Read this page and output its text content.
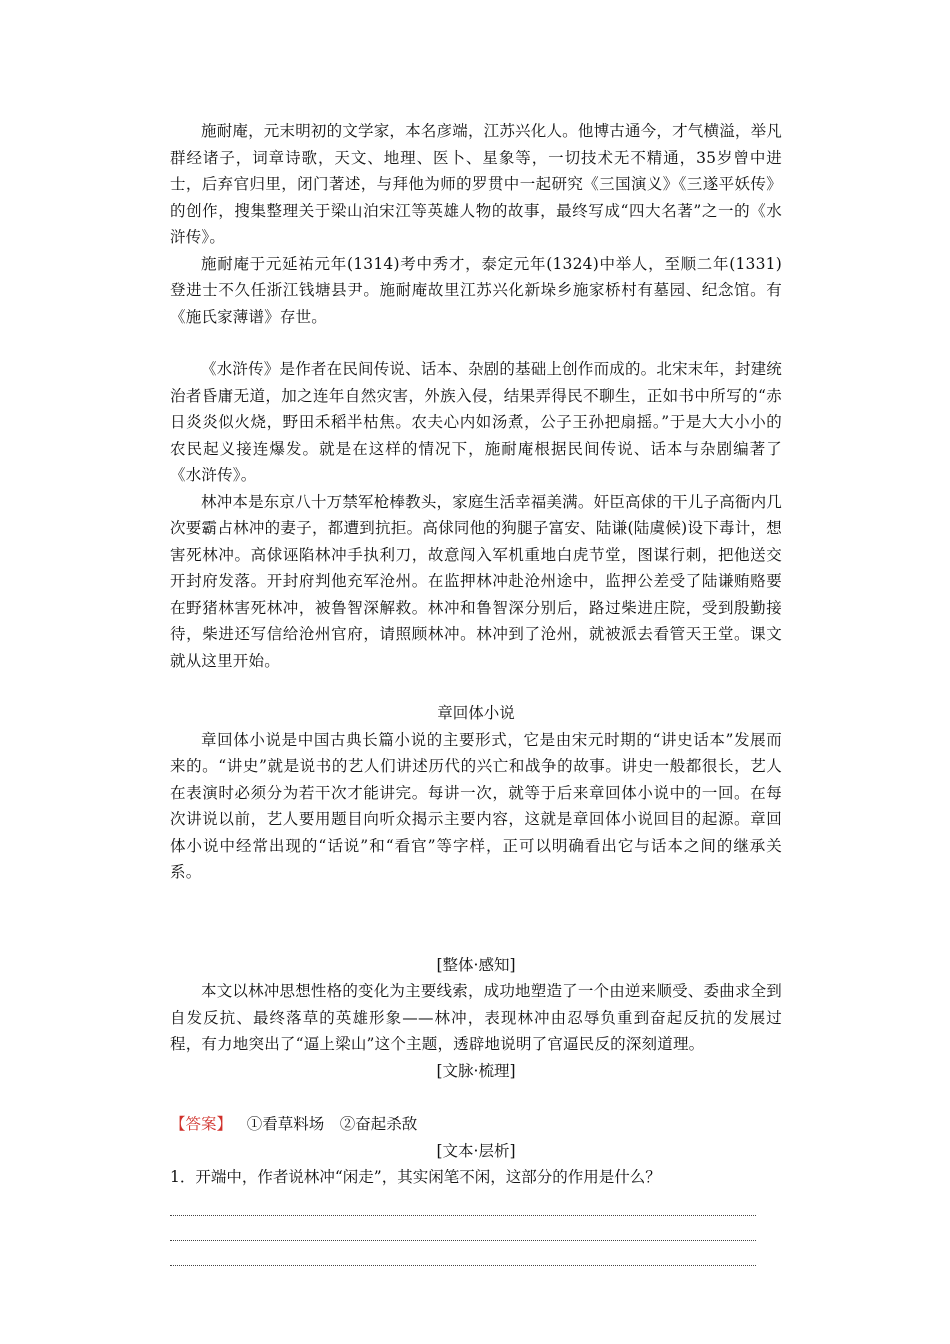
施耐庵，元末明初的文学家，本名彦端，江苏兴化人。他博古通今，才气横溢，举凡群经诸子，词章诗歌，天文、地理、医卜、星象等，一切技术无不精通，35岁曾中进士，后弃官归里，闭门著述，与拜他为师的罗贯中一起研究《三国演义》《三遂平妖传》的创作，搜集整理关于梁山泊宋江等英雄人物的故事，最终写成“四大名著”之一的《水浒传》。

施耐庵于元延祐元年(1314)考中秀才，泰定元年(1324)中举人，至顺二年(1331)登进士不久任浙江钱塘县尹。施耐庵故里江苏兴化新垛乡施家桥村有墓园、纪念馆。有《施氏家薄谱》存世。

《水浒传》是作者在民间传说、话本、杂剧的基础上创作而成的。北宋末年，封建统治者昏庸无道，加之连年自然灾害，外族入侵，结果弄得民不聊生，正如书中所写的“赤日炎炎似火烧，野田禾稻半枯焦。农夫心内如汤煮，公子王孙把扇摇。”于是大大小小的农民起义接连爆发。就是在这样的情况下，施耐庵根据民间传说、话本与杂剧编著了《水浒传》。

林冲本是东京八十万禁军枪棒教头，家庭生活幸福美满。奸臣高俅的干儿子高衙内几次要霸占林冲的妻子，都遭到抗拒。高俅同他的狗腿子富安、陆谦(陆虞候)设下毒计，想害死林冲。高俅诬陷林冲手执利刀，故意闯入军机重地白虎节堂，图谋行刺，把他送交开封府发落。开封府判他充军沧州。在监押林冲赴沧州途中，监押公差受了陆谦贿赂要在野猪林害死林冲，被鲁智深解救。林冲和鲁智深分别后，路过柴进庄院，受到殷勤接待，柴进还写信给沧州官府，请照顾林冲。林冲到了沧州，就被派去看管天王堂。课文就从这里开始。

章回体小说

章回体小说是中国古典长篇小说的主要形式，它是由宋元时期的“讲史话本”发展而来的。“讲史”就是说书的艺人们讲述历代的兴亡和战争的故事。讲史一般都很长，艺人在表演时必须分为若干次才能讲完。每讲一次，就等于后来章回体小说中的一回。在每次讲说以前，艺人要用题目向听众揭示主要内容，这就是章回体小说回目的起源。章回体小说中经常出现的“话说”和“看官”等字样，正可以明确看出它与话本之间的继承关系。

[整体·感知]

本文以林冲思想性格的变化为主要线索，成功地塑造了一个由逆来顺受、委曲求全到自发反抗、最终落草的英雄形象——林冲，表现林冲由忍辱负重到奋起反抗的发展过程，有力地突出了“逼上梁山”这个主题，透辟地说明了官逼民反的深刻道理。

[文脉·梳理]

【答案】 ①看草料场　②奋起杀敌

[文本·层析]

1．开端中，作者说林冲“闲走”，其实闲笔不闲，这部分的作用是什么？
